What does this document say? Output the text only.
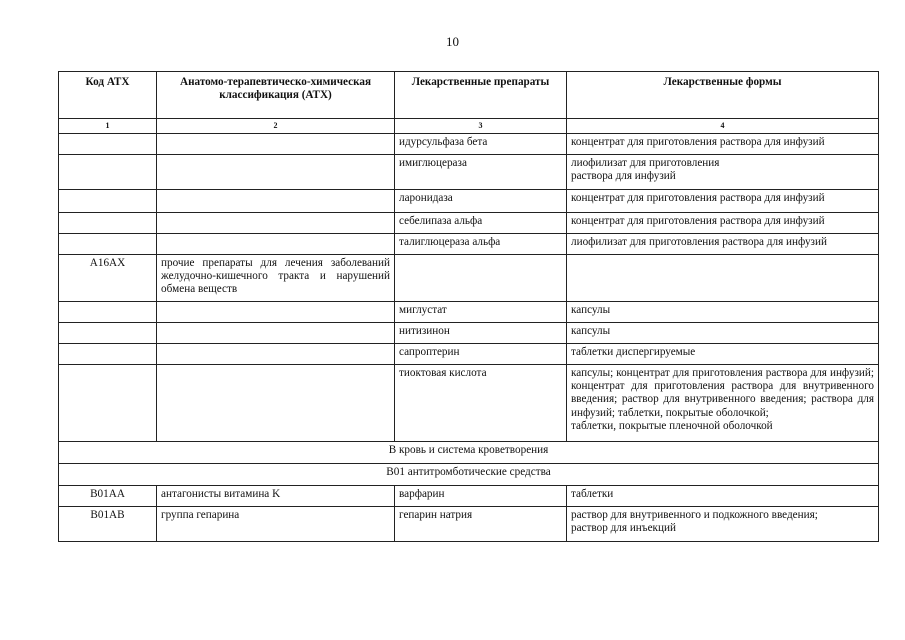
10
Код АТХ	Анатомо-терапевтическо-химическая классификация (АТХ)	Лекарственные препараты	Лекарственные формы
1	2	3	4
		идурсульфаза бета	концентрат для приготовления раствора для инфузий
		имиглюцераза	лиофилизат для приготовления
раствора для инфузий
		ларонидаза	концентрат для приготовления раствора для инфузий
		себелипаза альфа	концентрат для приготовления раствора для инфузий
		талиглюцераза альфа	лиофилизат для приготовления раствора для инфузий
A16AX	прочие препараты для лечения заболеваний желудочно-кишечного тракта и нарушений обмена веществ		
		миглустат	капсулы
		нитизинон	капсулы
		сапроптерин	таблетки диспергируемые
		тиоктовая кислота	капсулы; концентрат для приготовления раствора для инфузий; концентрат для приготовления раствора для внутривенного введения; раствор для внутривенного введения; раствора для инфузий; таблетки, покрытые оболочкой;
таблетки, покрытые пленочной оболочкой
B кровь и система кроветворения			
B01 антитромботические средства			
B01AA	антагонисты витамина K	варфарин	таблетки
B01AB	группа гепарина	гепарин натрия	раствор для внутривенного и подкожного введения;
раствор для инъекций
